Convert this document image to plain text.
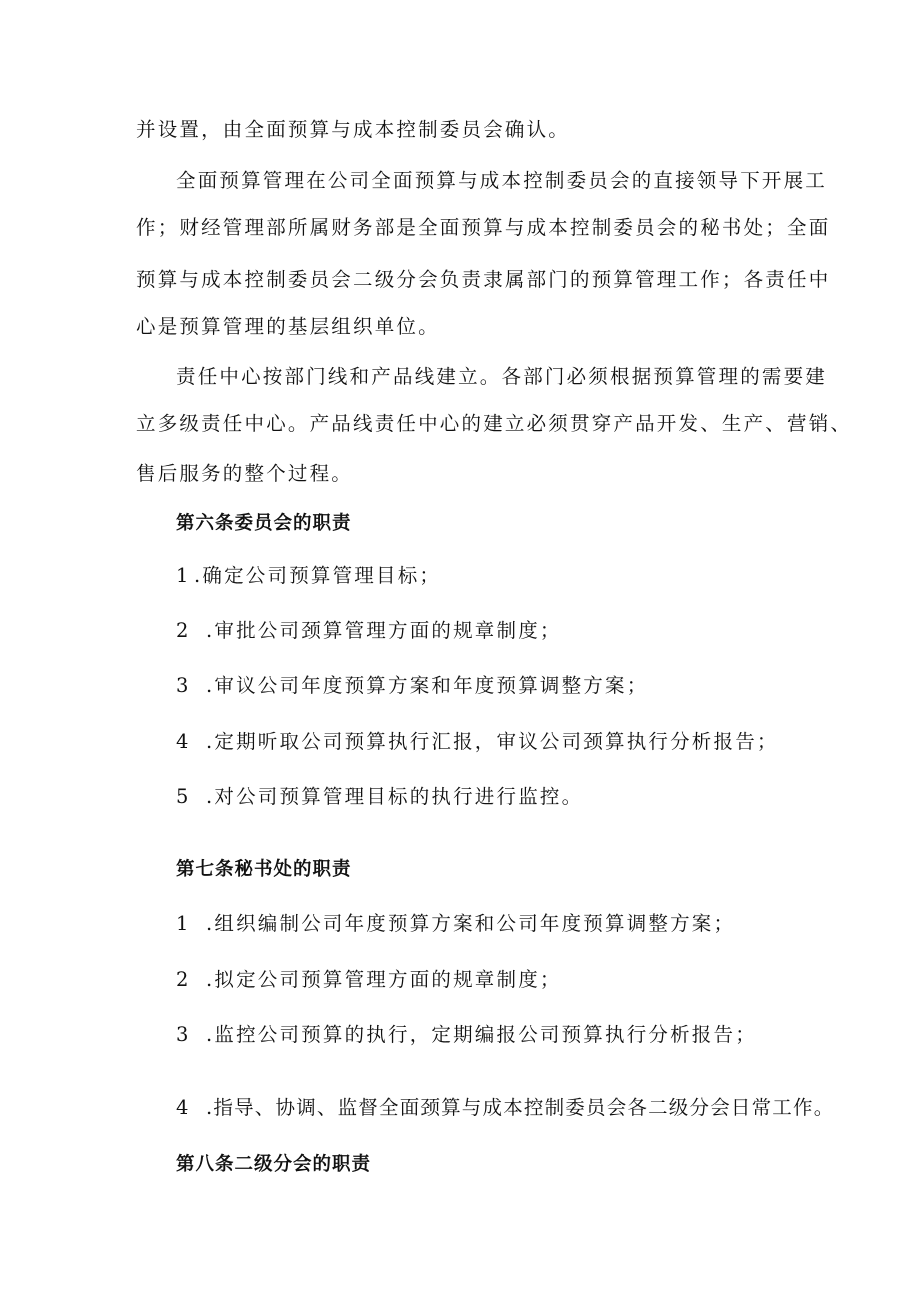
并设置，由全面预算与成本控制委员会确认。

全面预算管理在公司全面预算与成本控制委员会的直接领导下开展工

作；财经管理部所属财务部是全面预算与成本控制委员会的秘书处；全面

预算与成本控制委员会二级分会负责隶属部门的预算管理工作；各责任中

心是预算管理的基层组织单位。

责任中心按部门线和产品线建立。各部门必须根据预算管理的需要建

立多级责任中心。产品线责任中心的建立必须贯穿产品开发、生产、营销、

售后服务的整个过程。

第六条委员会的职责

1 .确定公司预算管理目标；

2 .审批公司颈算管理方面的规章制度；

3 .审议公司年度预算方案和年度预算调整方案；

4 .定期听取公司预算执行汇报，审议公司颈算执行分析报告；

5 .对公司预算管理目标的执行进行监控。

第七条秘书处的职责

1 .组织编制公司年度预算方案和公司年度预算调整方案；

2 .拟定公司预算管理方面的规章制度；

3 .监控公司预算的执行，定期编报公司预算执行分析报告；

4 .指导、协调、监督全面颈算与成本控制委员会各二级分会日常工作。

第八条二级分会的职责
